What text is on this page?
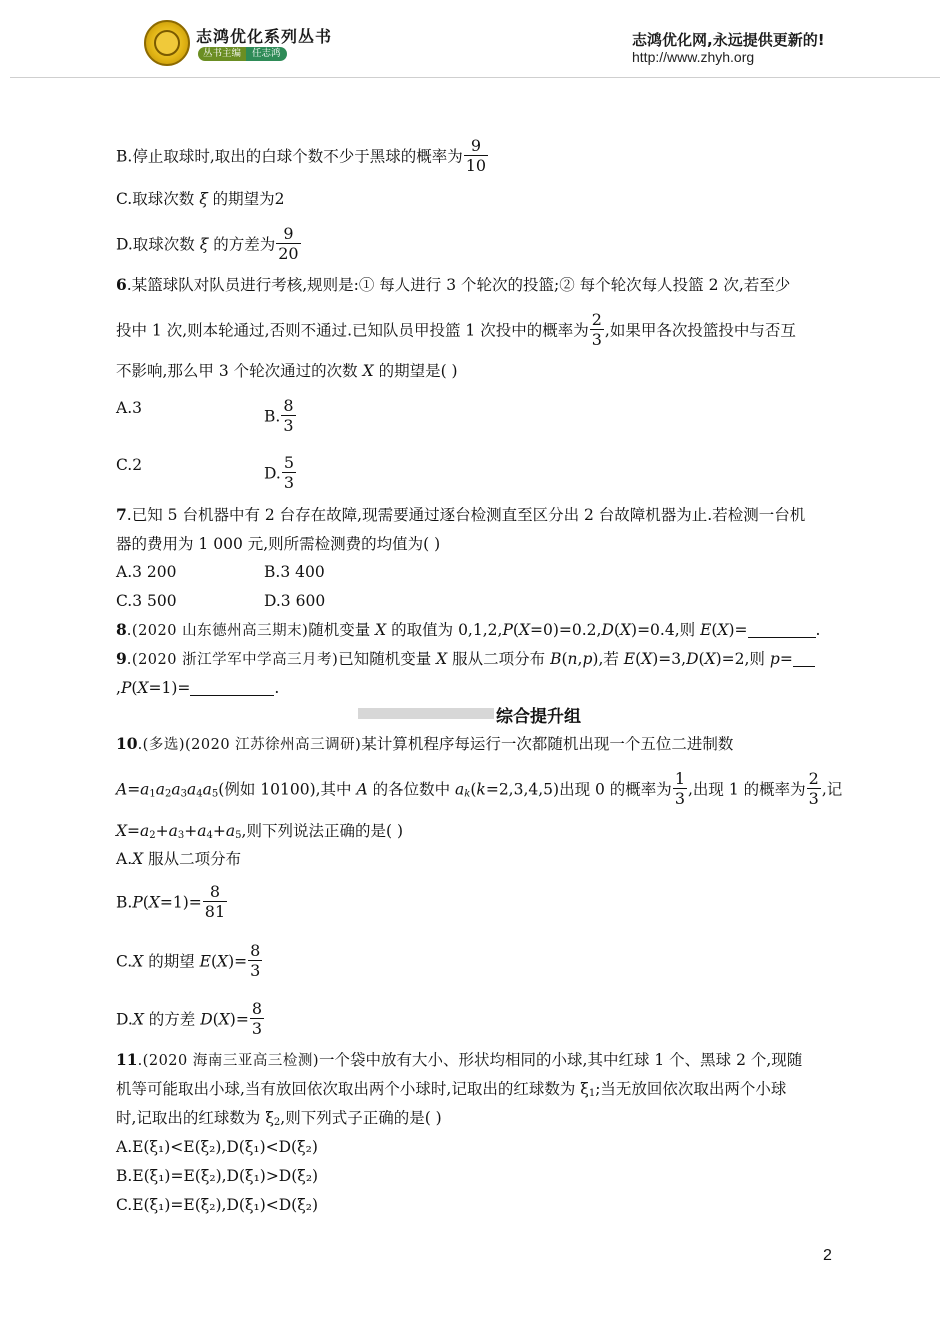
志鸿优化系列丛书
丛书主编	任志鸿
志鸿优化网,永远提供更新的!
http://www.zhyh.org
B.停止取球时,取出的白球个数不少于黑球的概率为 $\frac{9}{10}$
C.取球次数 ξ 的期望为2
D.取球次数 ξ 的方差为 $\frac{9}{20}$
6.某篮球队对队员进行考核,规则是:① 每人进行 3 个轮次的投篮;② 每个轮次每人投篮 2 次,若至少
投中 1 次,则本轮通过,否则不通过.已知队员甲投篮 1 次投中的概率为 $\frac{2}{3}$ ,如果甲各次投篮投中与否互
不影响,那么甲 3 个轮次通过的次数 X 的期望是( )
A.3	B. $\frac{8}{3}$
C.2	D. $\frac{5}{3}$
7.已知 5 台机器中有 2 台存在故障,现需要通过逐台检测直至区分出 2 台故障机器为止.若检测一台机
器的费用为 1 000 元,则所需检测费的均值为( )
A.3 200	B.3 400
C.3 500	D.3 600
8.(2020 山东德州高三期末)随机变量 X 的取值为 0,1,2,P(X=0)=0.2,D(X)=0.4,则 E(X)=	.
9.(2020 浙江学军中学高三月考)已知随机变量 X 服从二项分布 B(n,p),若 E(X)=3,D(X)=2,则 p=
,P(X=1)=	.
综合提升组
10.(多选)(2020 江苏徐州高三调研)某计算机程序每运行一次都随机出现一个五位二进制数
$A=a_1a_2a_3a_4a_5$(例如 10100),其中 A 的各位数中 $a_k(k=2,3,4,5)$出现 0 的概率为 $\frac{1}{3}$ ,出现 1 的概率为 $\frac{2}{3}$ ,记
$X=a_2+a_3+a_4+a_5$,则下列说法正确的是( )
A.X 服从二项分布
$B.P(X=1)= \frac{8}{81}$
C.X 的期望 $E(X)= \frac{8}{3}$
D.X 的方差 $D(X)= \frac{8}{3}$
11.(2020 海南三亚高三检测)一个袋中放有大小、形状均相同的小球,其中红球 1 个、黑球 2 个,现随
机等可能取出小球,当有放回依次取出两个小球时,记取出的红球数为 $\xi_1$;当无放回依次取出两个小球
时,记取出的红球数为 $\xi_2$,则下列式子正确的是( )
A.E(ξ₁)<E(ξ₂),D(ξ₁)<D(ξ₂)
B.E(ξ₁)=E(ξ₂),D(ξ₁)>D(ξ₂)
C.E(ξ₁)=E(ξ₂),D(ξ₁)<D(ξ₂)
2
